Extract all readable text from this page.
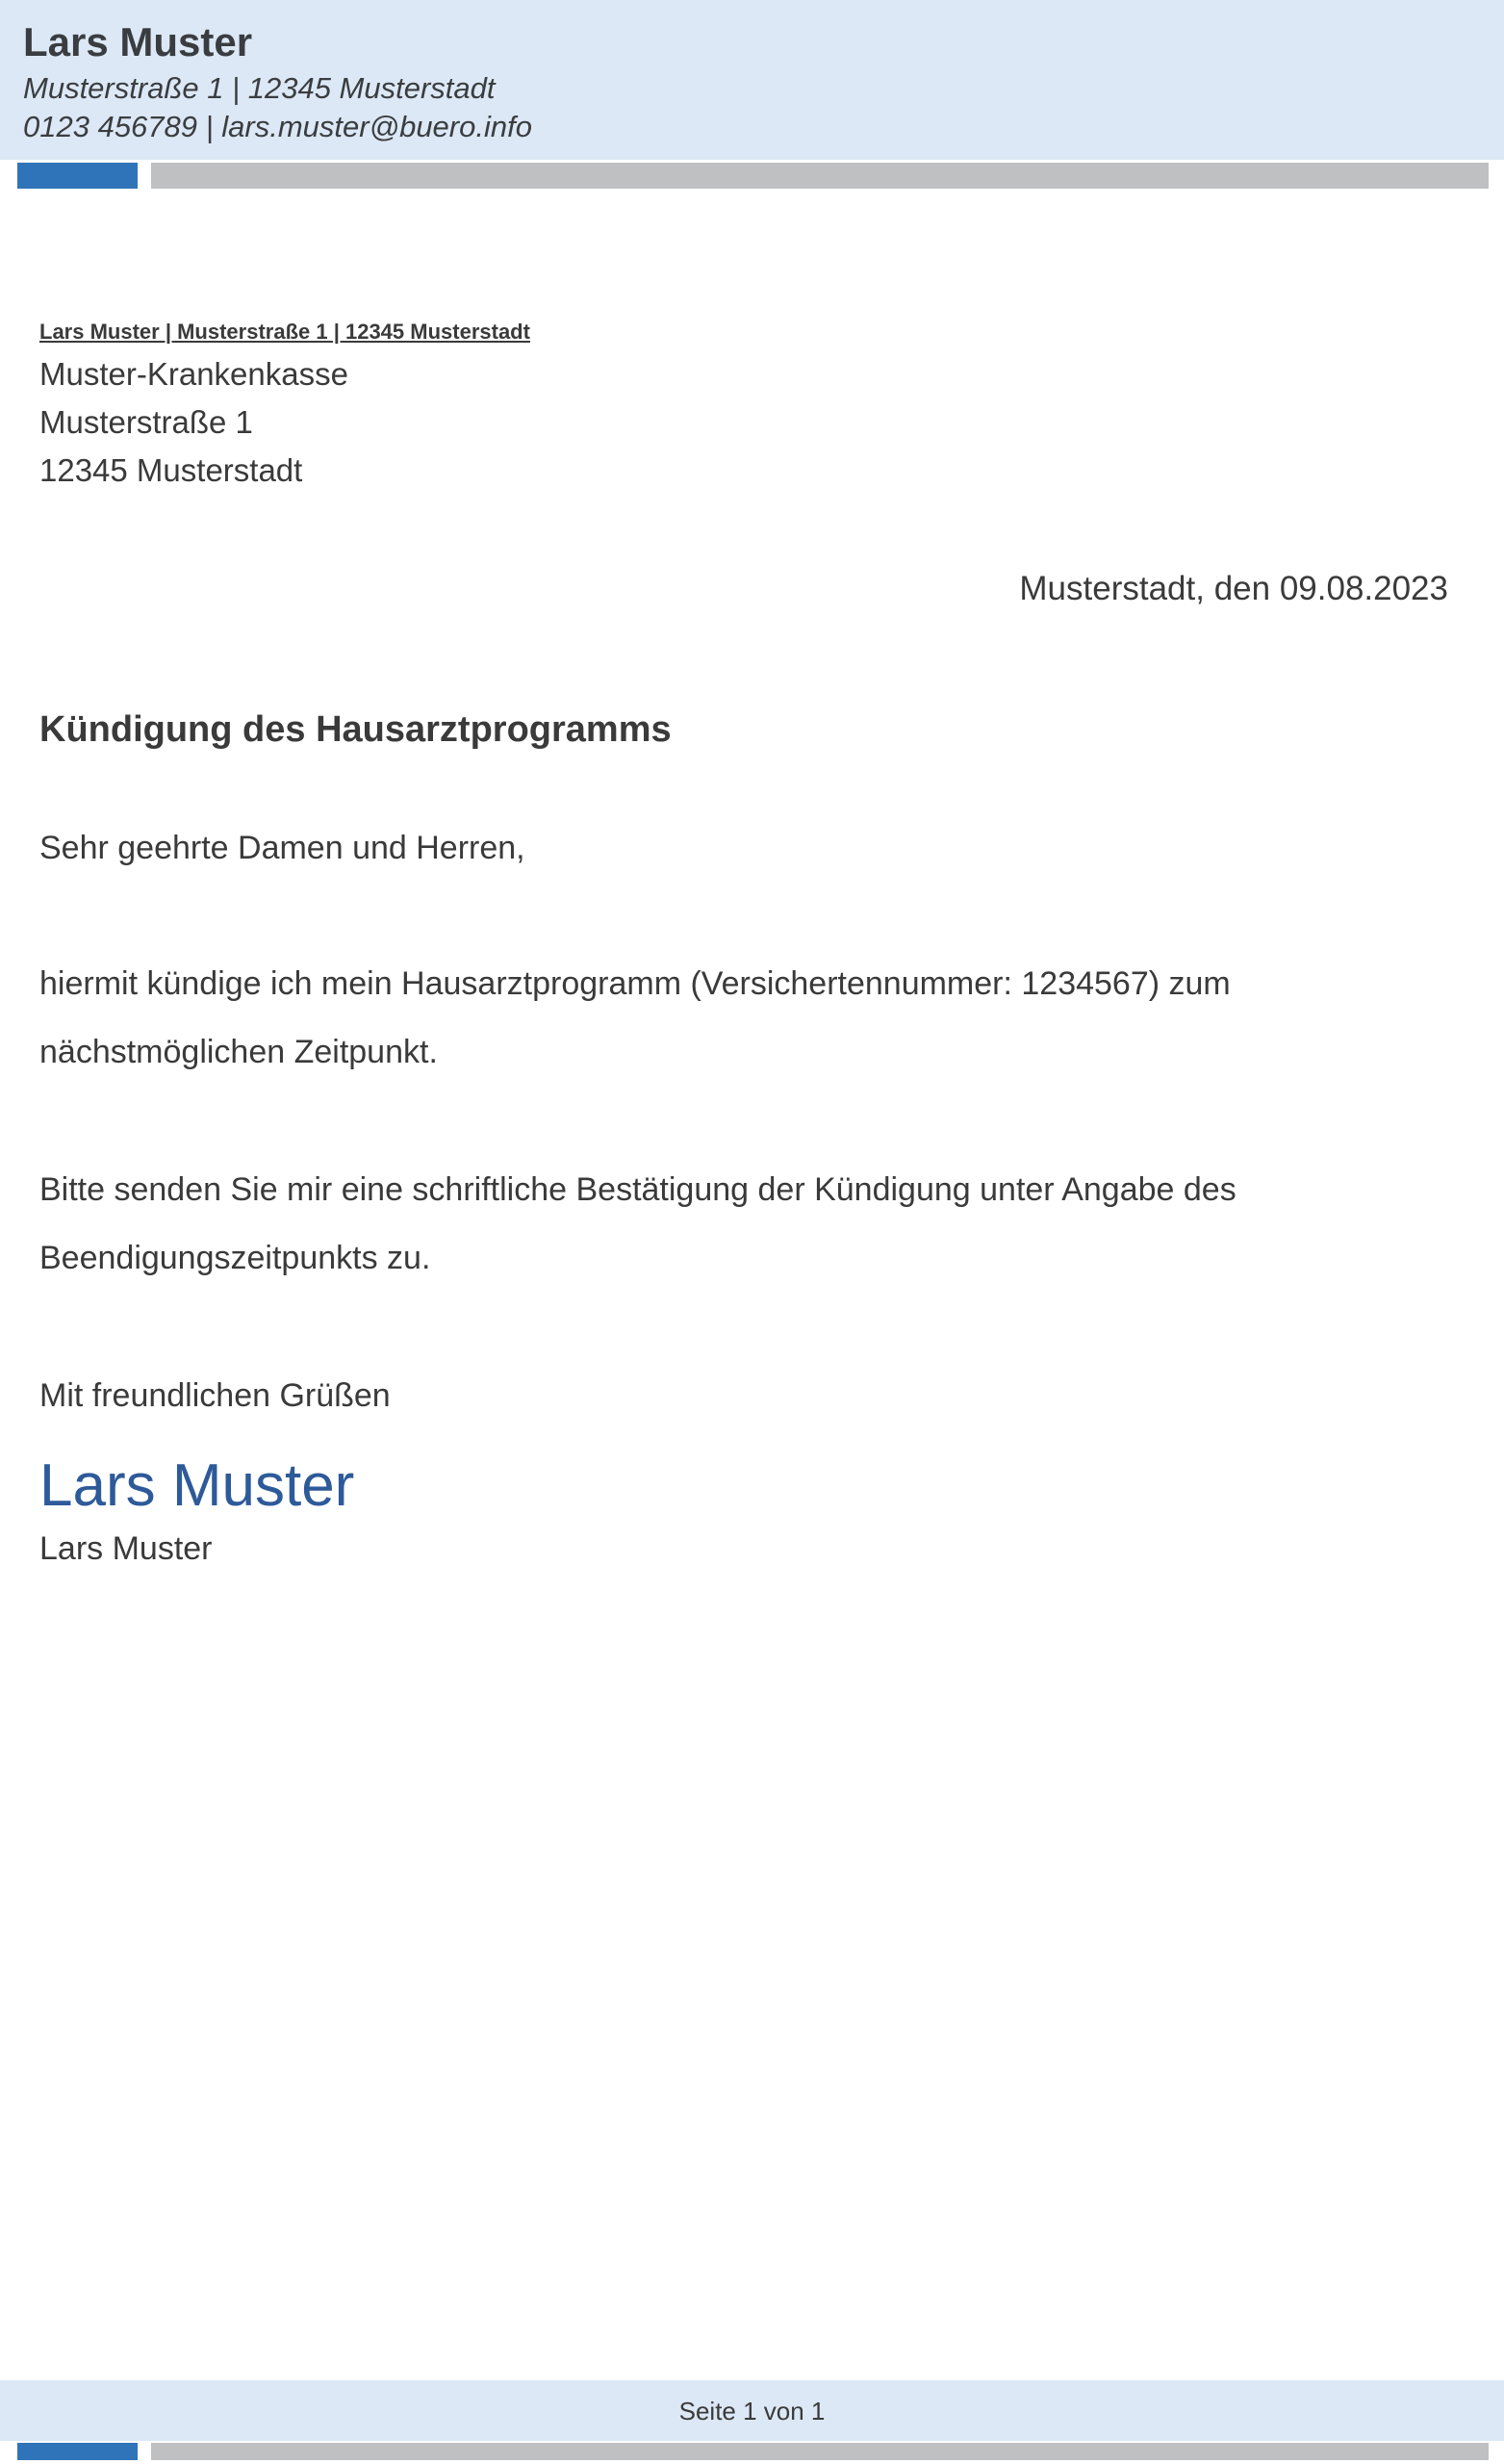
Lars Muster
Musterstraße 1 | 12345 Musterstadt
0123 456789 | lars.muster@buero.info
Lars Muster | Musterstraße 1 | 12345 Musterstadt
Muster-Krankenkasse
Musterstraße 1
12345 Musterstadt
Musterstadt, den 09.08.2023
Kündigung des Hausarztprogramms
Sehr geehrte Damen und Herren,
hiermit kündige ich mein Hausarztprogramm (Versichertennummer: 1234567) zum
nächstmöglichen Zeitpunkt.
Bitte senden Sie mir eine schriftliche Bestätigung der Kündigung unter Angabe des
Beendigungszeitpunkts zu.
Mit freundlichen Grüßen
Lars Muster
Lars Muster
Seite 1 von 1
